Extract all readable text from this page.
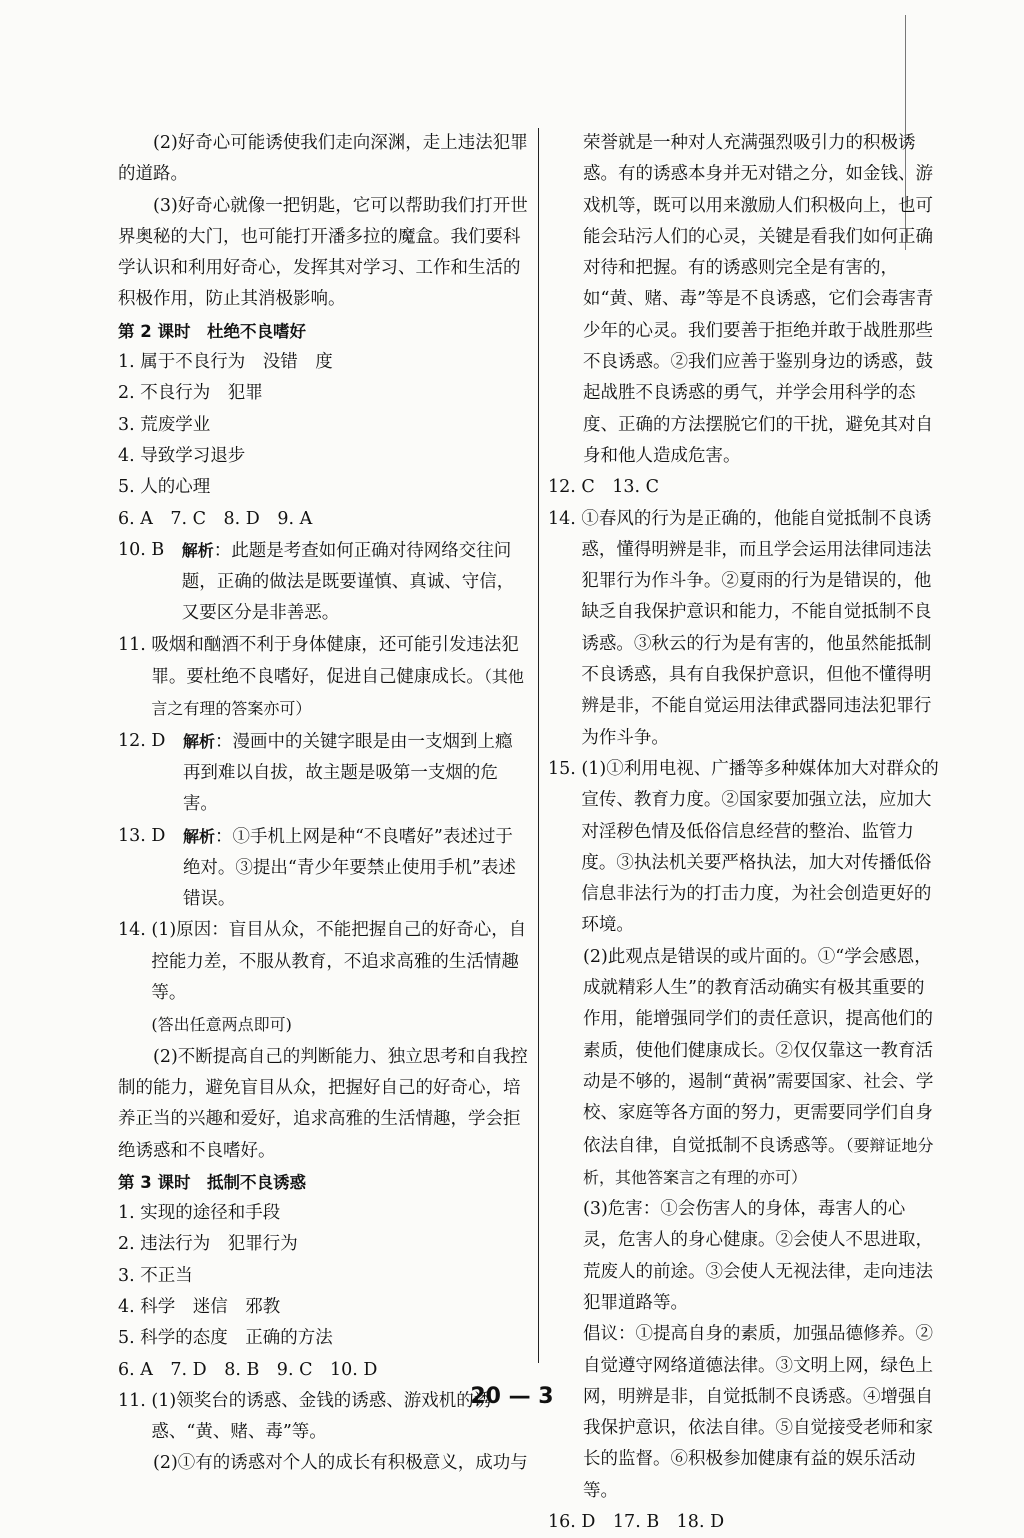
(2)好奇心可能诱使我们走向深渊，走上违法犯罪的道路。
(3)好奇心就像一把钥匙，它可以帮助我们打开世界奥秘的大门，也可能打开潘多拉的魔盒。我们要科学认识和利用好奇心，发挥其对学习、工作和生活的积极作用，防止其消极影响。
第 2 课时　杜绝不良嗜好
1. 属于不良行为　没错　度
2. 不良行为　犯罪
3. 荒废学业
4. 导致学习退步
5. 人的心理
6. A　7. C　8. D　9. A
10. B　 解析：此题是考查如何正确对待网络交往问题，正确的做法是既要谨慎、真诚、守信，又要区分是非善恶。
11. 吸烟和酗酒不利于身体健康，还可能引发违法犯罪。要杜绝不良嗜好，促进自己健康成长。（其他言之有理的答案亦可）
12. D　 解析：漫画中的关键字眼是由一支烟到上瘾再到难以自拔，故主题是吸第一支烟的危害。
13. D　 解析：①手机上网是种“不良嗜好”表述过于绝对。③提出“青少年要禁止使用手机”表述错误。
14. (1)原因：盲目从众，不能把握自己的好奇心，自控能力差，不服从教育，不追求高雅的生活情趣等。
(答出任意两点即可)
(2)不断提高自己的判断能力、独立思考和自我控制的能力，避免盲目从众，把握好自己的好奇心，培养正当的兴趣和爱好，追求高雅的生活情趣，学会拒绝诱惑和不良嗜好。
第 3 课时　抵制不良诱惑
1. 实现的途径和手段
2. 违法行为　犯罪行为
3. 不正当
4. 科学　迷信　邪教
5. 科学的态度　正确的方法
6. A　7. D　8. B　9. C　10. D
11. (1)领奖台的诱惑、金钱的诱惑、游戏机的诱惑、“黄、赌、毒”等。
(2)①有的诱惑对个人的成长有积极意义，成功与
荣誉就是一种对人充满强烈吸引力的积极诱惑。有的诱惑本身并无对错之分，如金钱、游戏机等，既可以用来激励人们积极向上，也可能会玷污人们的心灵，关键是看我们如何正确对待和把握。有的诱惑则完全是有害的，如“黄、赌、毒”等是不良诱惑，它们会毒害青少年的心灵。我们要善于拒绝并敢于战胜那些不良诱惑。②我们应善于鉴别身边的诱惑，鼓起战胜不良诱惑的勇气，并学会用科学的态度、正确的方法摆脱它们的干扰，避免其对自身和他人造成危害。
12. C　13. C
14. ①春风的行为是正确的，他能自觉抵制不良诱惑，懂得明辨是非，而且学会运用法律同违法犯罪行为作斗争。②夏雨的行为是错误的，他缺乏自我保护意识和能力，不能自觉抵制不良诱惑。③秋云的行为是有害的，他虽然能抵制不良诱惑，具有自我保护意识，但他不懂得明辨是非，不能自觉运用法律武器同违法犯罪行为作斗争。
15. (1)①利用电视、广播等多种媒体加大对群众的宣传、教育力度。②国家要加强立法，应加大对淫秽色情及低俗信息经营的整治、监管力度。③执法机关要严格执法，加大对传播低俗信息非法行为的打击力度，为社会创造更好的环境。
(2)此观点是错误的或片面的。①“学会感恩，成就精彩人生”的教育活动确实有极其重要的作用，能增强同学们的责任意识，提高他们的素质，使他们健康成长。②仅仅靠这一教育活动是不够的，遏制“黄祸”需要国家、社会、学校、家庭等各方面的努力，更需要同学们自身依法自律，自觉抵制不良诱惑等。（要辩证地分析，其他答案言之有理的亦可）
(3)危害：①会伤害人的身体，毒害人的心灵，危害人的身心健康。②会使人不思进取，荒废人的前途。③会使人无视法律，走向违法犯罪道路等。
倡议：①提高自身的素质，加强品德修养。②自觉遵守网络道德法律。③文明上网，绿色上网，明辨是非，自觉抵制不良诱惑。④增强自我保护意识，依法自律。⑤自觉接受老师和家长的监督。⑥积极参加健康有益的娱乐活动等。
16. D　17. B　18. D
20 — 3
